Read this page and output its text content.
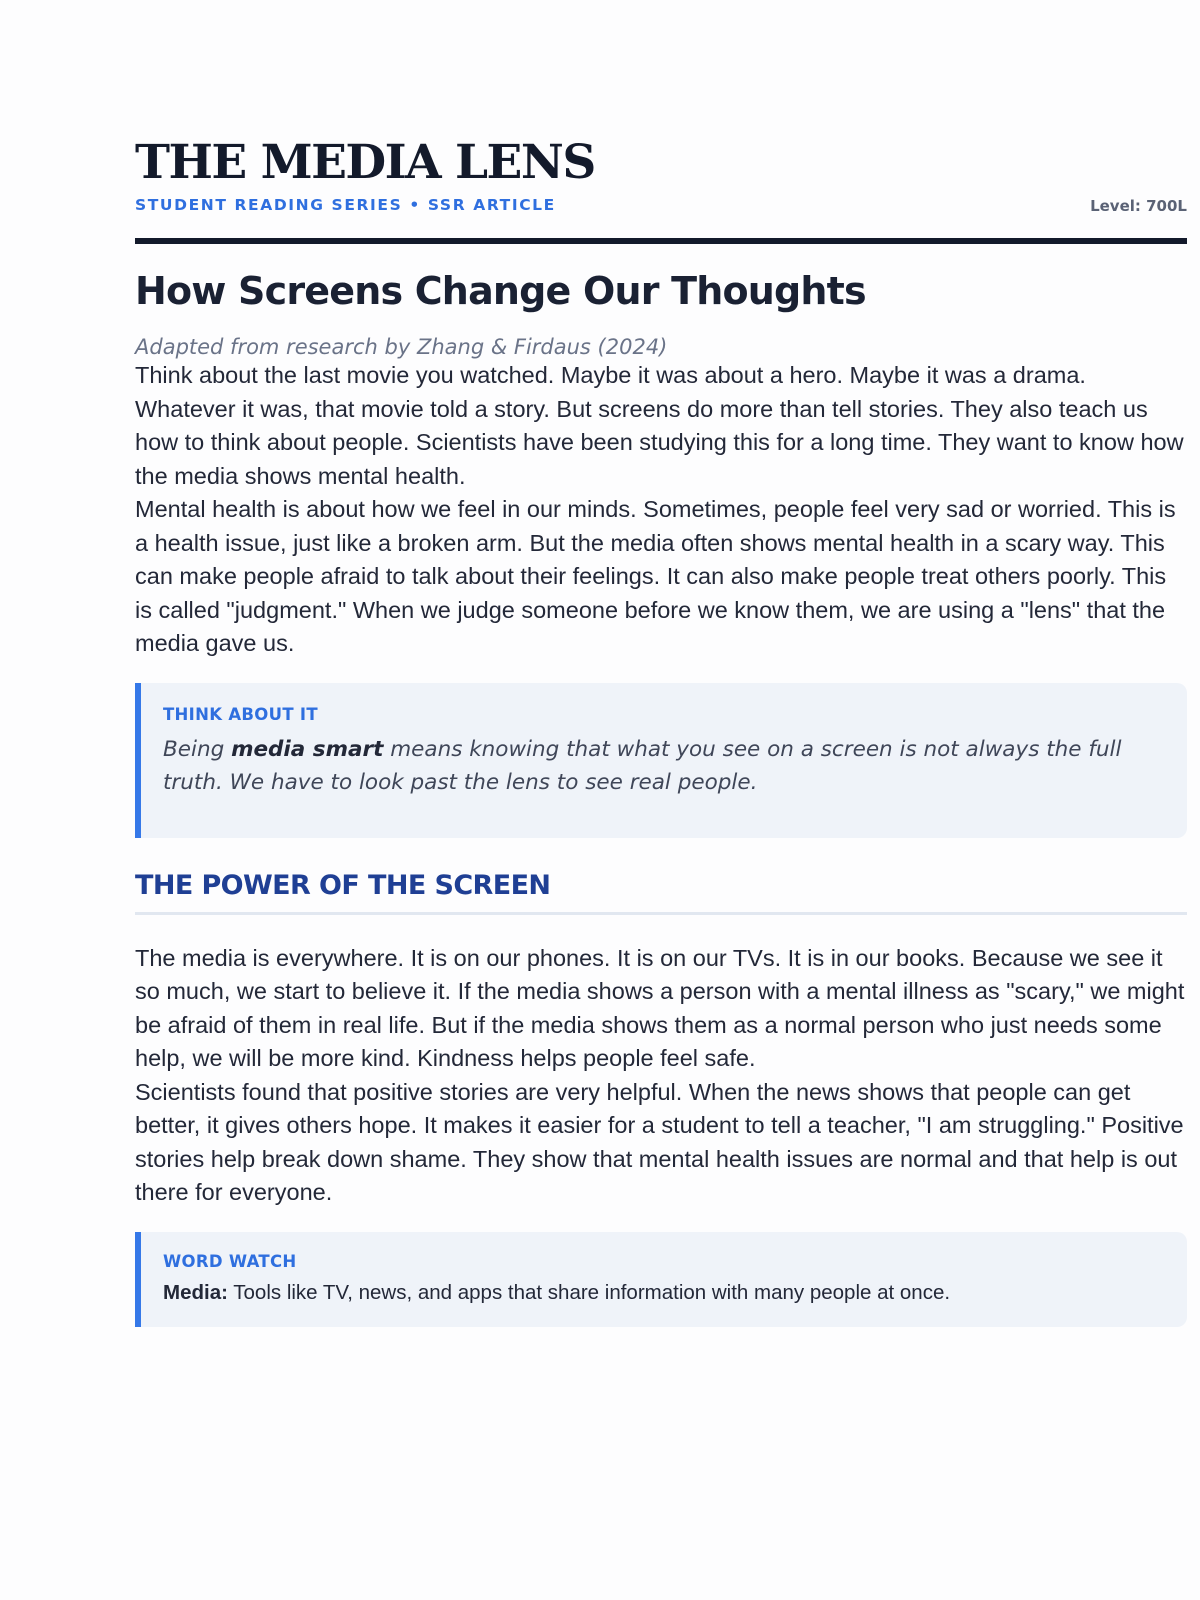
THE MEDIA LENS
STUDENT READING SERIES • SSR ARTICLE	Level: 700L
How Screens Change Our Thoughts
Adapted from research by Zhang & Firdaus (2024)

Think about the last movie you watched. Maybe it was about a hero. Maybe it was a drama. Whatever it was, that movie told a story. But screens do more than tell stories. They also teach us how to think about people. Scientists have been studying this for a long time. They want to know how the media shows mental health.

Mental health is about how we feel in our minds. Sometimes, people feel very sad or worried. This is a health issue, just like a broken arm. But the media often shows mental health in a scary way. This can make people afraid to talk about their feelings. It can also make people treat others poorly. This is called "judgment." When we judge someone before we know them, we are using a "lens" that the media gave us.

THINK ABOUT IT
Being media smart means knowing that what you see on a screen is not always the full truth. We have to look past the lens to see real people.
THE POWER OF THE SCREEN

The media is everywhere. It is on our phones. It is on our TVs. It is in our books. Because we see it so much, we start to believe it. If the media shows a person with a mental illness as "scary," we might be afraid of them in real life. But if the media shows them as a normal person who just needs some help, we will be more kind. Kindness helps people feel safe.

Scientists found that positive stories are very helpful. When the news shows that people can get better, it gives others hope. It makes it easier for a student to tell a teacher, "I am struggling." Positive stories help break down shame. They show that mental health issues are normal and that help is out there for everyone.

WORD WATCH
Media: Tools like TV, news, and apps that share information with many people at once.
